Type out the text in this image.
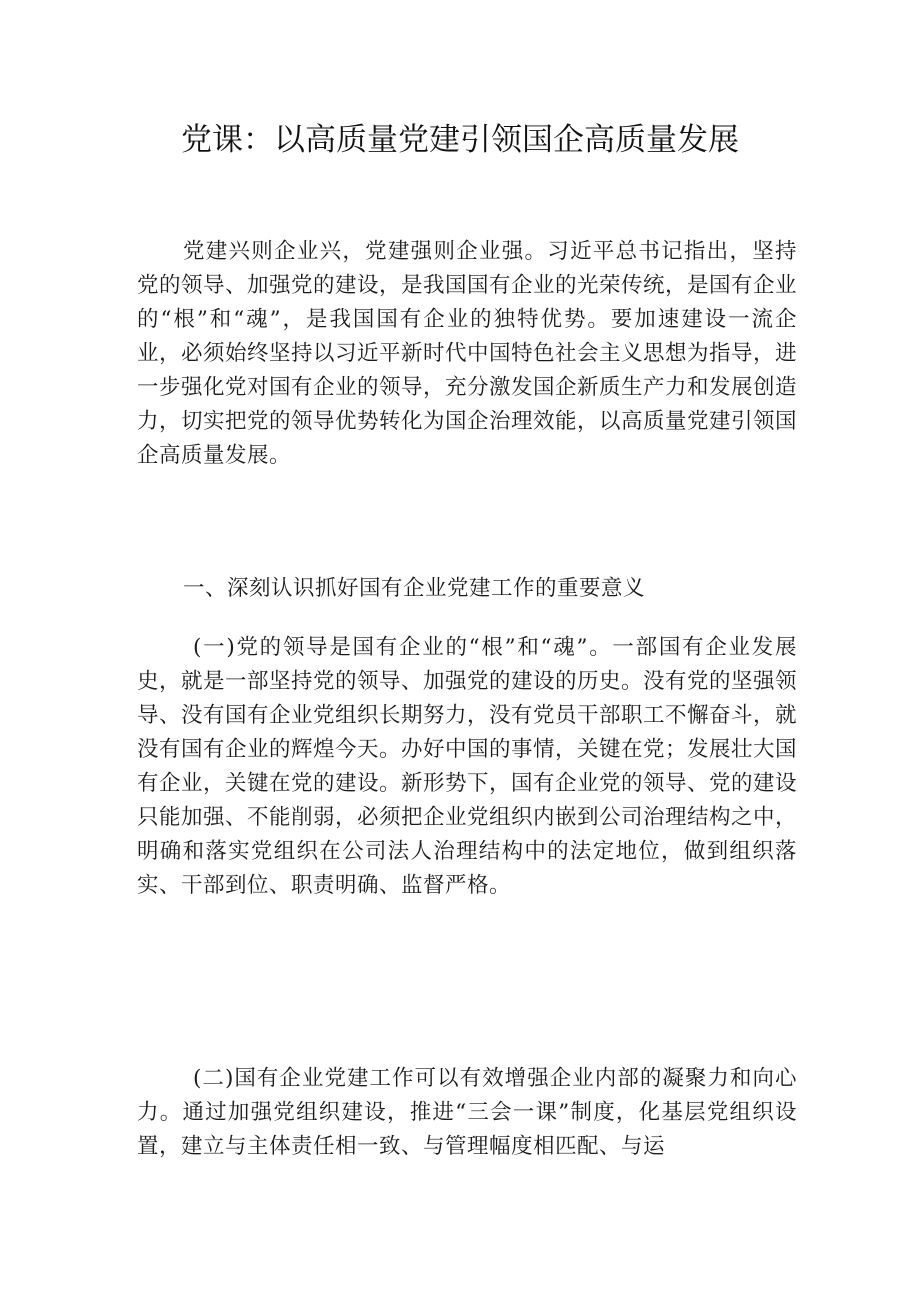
党课：以高质量党建引领国企高质量发展

党建兴则企业兴，党建强则企业强。习近平总书记指出，坚持党的领导、加强党的建设，是我国国有企业的光荣传统，是国有企业的“根”和“魂”，是我国国有企业的独特优势。要加速建设一流企业，必须始终坚持以习近平新时代中国特色社会主义思想为指导，进一步强化党对国有企业的领导，充分激发国企新质生产力和发展创造力，切实把党的领导优势转化为国企治理效能，以高质量党建引领国企高质量发展。

一、深刻认识抓好国有企业党建工作的重要意义

(一)党的领导是国有企业的“根”和“魂”。一部国有企业发展史，就是一部坚持党的领导、加强党的建设的历史。没有党的坚强领导、没有国有企业党组织长期努力，没有党员干部职工不懈奋斗，就没有国有企业的辉煌今天。办好中国的事情，关键在党；发展壮大国有企业，关键在党的建设。新形势下，国有企业党的领导、党的建设只能加强、不能削弱，必须把企业党组织内嵌到公司治理结构之中，明确和落实党组织在公司法人治理结构中的法定地位，做到组织落实、干部到位、职责明确、监督严格。

(二)国有企业党建工作可以有效增强企业内部的凝聚力和向心力。通过加强党组织建设，推进“三会一课”制度，化基层党组织设置，建立与主体责任相一致、与管理幅度相匹配、与运
